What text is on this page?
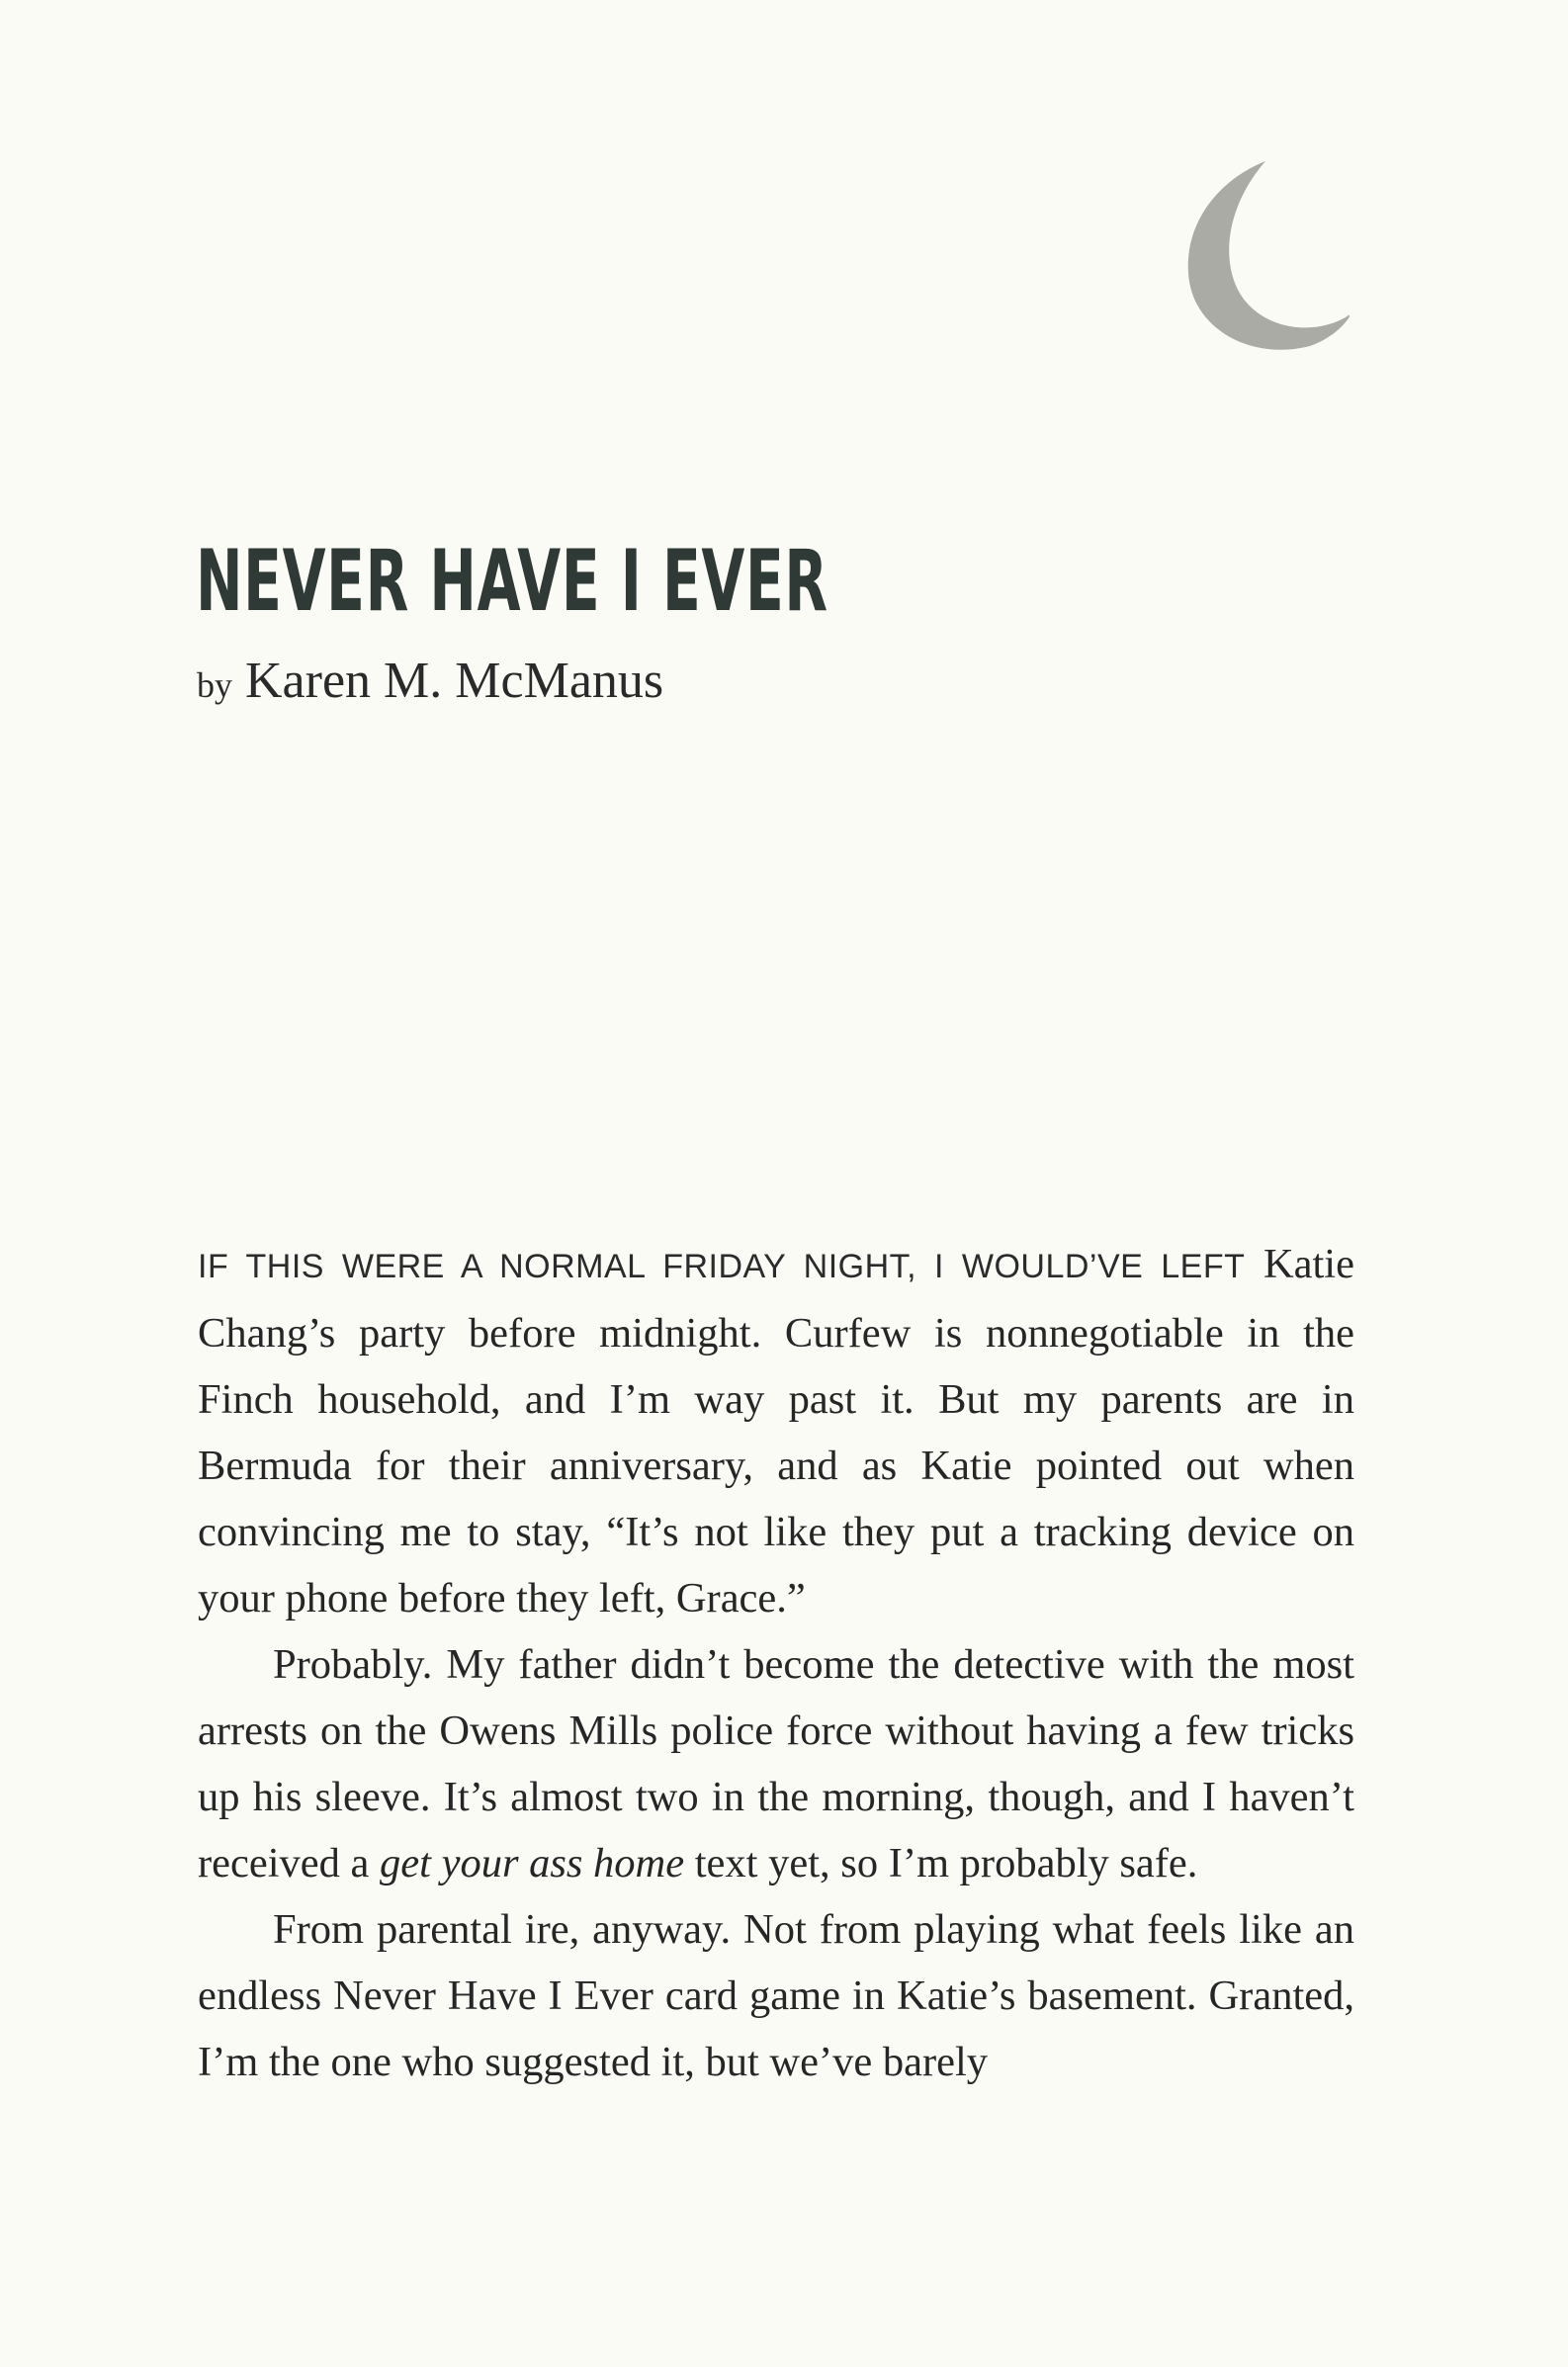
NEVER HAVE I EVER
by Karen M. McManus

IF THIS WERE A NORMAL FRIDAY NIGHT, I WOULD’VE LEFT Katie Chang’s party before midnight. Curfew is nonnegotiable in the Finch household, and I’m way past it. But my parents are in Bermuda for their anniversary, and as Katie pointed out when convincing me to stay, “It’s not like they put a tracking device on your phone before they left, Grace.”

Probably. My father didn’t become the detective with the most arrests on the Owens Mills police force without having a few tricks up his sleeve. It’s almost two in the morning, though, and I haven’t received a get your ass home text yet, so I’m probably safe.

From parental ire, anyway. Not from playing what feels like an endless Never Have I Ever card game in Katie’s basement. Granted, I’m the one who suggested it, but we’ve barely
